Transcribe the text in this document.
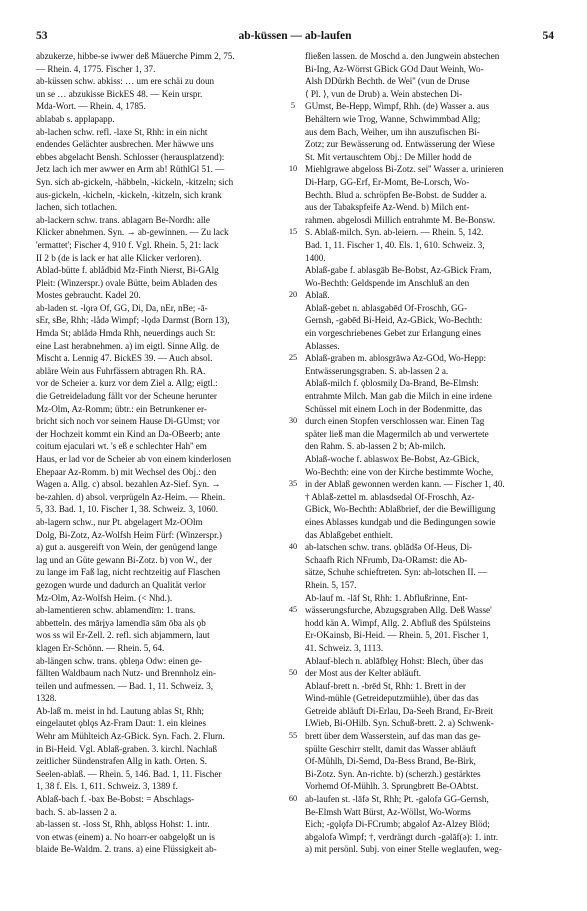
53	ab-küssen — ab-laufen	54
abzukerze, hibbe-se iwwer deß Mäuerche Pimm 2, 75.
— Rhein. 4, 1775. Fischer 1, 37.
ab-küssen schw. abkiss: … um ere schäi zu doun
un se … abzukisse BickES 48. — Kein urspr.
Mda-Wort. — Rhein. 4, 1785.
ablabab s. applapapp.
ab-lachen schw. refl. -laxe St, Rhh: in ein nicht
endendes Gelächter ausbrechen. Mer häwwe uns
ebbes abgelacht Bensh. Schlosser (herausplatzend):
Jetz lach ich mer awwer en Arm ab! RüthlGl 51. —
Syn. sich ab-gickeln, -häbbeln, -kickeln, -kitzeln; sich
aus-gickeln, -kicheln, -kickeln, -kitzeln, sich krank
lachen, sich totlachen.
ab-lackern schw. trans. ablagərn Be-Nordh: alle
Klicker abnehmen. Syn. → ab-gewinnen. — Zu lack
'ermattet'; Fischer 4, 910 f. Vgl. Rhein. 5, 21: lack
II 2 b (de is lack er hat alle Klicker verloren).
Ablad-bütte f. ablådbid Mz-Finth Nierst, Bi-GAlg
Pleit: (Winzerspr.) ovale Bütte, beim Abladen des
Mostes gebraucht. Kadel 20.
ab-laden st. -lǫrə Of, GG, Di, Da, nEr, nBe; -ā-
sEr, sBe, Rhh; -lådə Wimpf; -lǫdə Darmst (Born 13),
Hmda St; ablådə Hmda Rhh, neuerdings auch St:
eine Last herabnehmen. a) im eigtl. Sinne Allg. de
Mischt a. Lennig 47. BickES 39. — Auch absol.
abläre Wein aus Fuhrfässern abtragen Rh. RA.
vor de Scheier a. kurz vor dem Ziel a. Allg; eigtl.:
die Getreideladung fällt vor der Scheune herunter
Mz-Olm, Az-Romm; übtr.: ein Betrunkener er-
bricht sich noch vor seinem Hause Di-GUmst; vor
der Hochzeit kommt ein Kind an Da-OBeerb; ante
coitum ejaculari wt. 's eß e schlechter Hah'' em
Haus, er lad vor de Scheier ab von einem kinderlosen
Ehepaar Az-Romm. b) mit Wechsel des Obj.: den
Wagen a. Allg. c) absol. bezahlen Az-Sief. Syn. →
be-zahlen. d) absol. verprügeln Az-Heim. — Rhein.
5, 33. Bad. 1, 10. Fischer 1, 38. Schweiz. 3, 1060.
ab-lagern schw., nur Pt. abgelagert Mz-OOlm
Dolg, Bi-Zotz, Az-Wolfsh Heim Fürf: (Winzerspr.)
a) gut a. ausgereift von Wein, der genügend lange
lag und an Güte gewann Bi-Zotz. b) von W., der
zu lange im Faß lag, nicht rechtzeitig auf Flaschen
gezogen wurde und dadurch an Qualität verlor
Mz-Olm, Az-Wolfsh Heim. (< Nhd.).
ab-lamentieren schw. ablamendīrn: 1. trans.
abbetteln. des mārįyə lamendīə sām ōba als ǫb
wos ss wil Er-Zell. 2. refl. sich abjammern, laut
klagen Er-Schönn. — Rhein. 5, 64.
ab-längen schw. trans. ǫbleŋə Odw: einen ge-
fällten Waldbaum nach Nutz- und Brennholz ein-
teilen und aufmessen. — Bad. 1, 11. Schweiz. 3,
1328.
Ab-laß m. meist in hd. Lautung ablas St, Rhh;
eingelautet ǫblǫs Az-Fram Daut: 1. ein kleines
Wehr am Mühlteich Az-GBick. Syn. Fach. 2. Flurn.
in Bi-Heid. Vgl. Ablaß-graben. 3. kirchl. Nachlaß
zeitlicher Sündenstrafen Allg in kath. Orten. S.
Seelen-ablaß. — Rhein. 5, 146. Bad. 1, 11. Fischer
1, 38 f. Els. 1, 611. Schweiz. 3, 1389 f.
Ablaß-bach f. -bax Be-Bobst: = Abschlags-
bach. S. ab-lassen 2 a.
ab-lassen st. -loss St, Rhh, ablǫss Hohst: 1. intr.
von etwas (einem) a. No hoarr-er oabgelǫßt un is
blaide Be-Waldm. 2. trans. a) eine Flüssigkeit ab-
5
10
15
20
25
30
35
40
45
50
55
60
fließen lassen. de Moschd a. den Jungwein abstechen
Bi-Ing, Az-Wörrst GBick GOd Daut Weinh, Wo-
Alsh DDürkh Bechth. de Wei'' (vun de Druse
⟨ Pl. ⟩, vun de Drub) a. Wein abstechen Di-
GUmst, Be-Hepp, Wimpf, Rhh. (de) Wasser a. aus
Behältern wie Trog, Wanne, Schwimmbad Allg;
aus dem Bach, Weiher, um ihn auszufischen Bi-
Zotz; zur Bewässerung od. Entwässerung der Wiese
St. Mit vertauschtem Obj.: De Miller hodd de
Miehlgrawe abgeloss Bi-Zotz. sei'' Wasser a. urinieren
Di-Harp, GG-Erf, Er-Momt, Be-Lorsch, Wo-
Bechth. Blud a. schröpfen Be-Bobst. de Sudder a.
aus der Tabakspfeife Az-Wend. b) Milch ent-
rahmen. abgelosdi Millich entrahmte M. Be-Bonsw.
S. Ablaß-milch. Syn. ab-leiern. — Rhein. 5, 142.
Bad. 1, 11. Fischer 1, 40. Els. 1, 610. Schweiz. 3,
1400.
Ablaß-gabe f. ablasgāb Be-Bobst, Az-GBick Fram,
Wo-Bechth: Geldspende im Anschluß an den
Ablaß.
Ablaß-gebet n. ablasgəbēd Of-Froschh, GG-
Gernsh, -gəbēd Bi-Heid, Az-GBick, Wo-Bechth:
ein vorgeschriebenes Gebet zur Erlangung eines
Ablasses.
Ablaß-graben m. ablosgrāwə Az-GOd, Wo-Hepp:
Entwässerungsgraben. S. ab-lassen 2 a.
Ablaß-milch f. ǫblosmilχ Da-Brand, Be-Elmsh:
entrahmte Milch. Man gab die Milch in eine irdene
Schüssel mit einem Loch in der Bodenmitte, das
durch einen Stopfen verschlossen war. Einen Tag
später ließ man die Magermilch ab und verwertete
den Rahm. S. ab-lassen 2 b; Ab-milch.
Ablaß-woche f. ablaswox Be-Bobst, Az-GBick,
Wo-Bechth: eine von der Kirche bestimmte Woche,
in der Ablaß gewonnen werden kann. — Fischer 1, 40.
† Ablaß-zettel m. ablasdsedəl Of-Froschh, Az-
GBick, Wo-Bechth: Ablaßbrief, der die Bewilligung
eines Ablasses kundgab und die Bedingungen sowie
das Ablaßgebet enthielt.
ab-latschen schw. trans. ǫblādšə Of-Heus, Di-
Schaafh Rich NFrumb, Da-ORamst: die Ab-
sätze, Schuhe schieftreten. Syn: ab-lotschen II. —
Rhein. 5, 157.
Ab-lauf m. -lāf St, Rhh: 1. Abflußrinne, Ent-
wässerungsfurche, Abzugsgraben Allg. Deß Wasse'
hodd kän A. Wimpf, Allg. 2. Abfluß des Spülsteins
Er-OKainsb, Bi-Heid. — Rhein. 5, 201. Fischer 1,
41. Schweiz. 3, 1113.
Ablauf-blech n. ablāfblęχ Hohst: Blech, über das
der Most aus der Kelter abläuft.
Ablauf-brett n. -brēd St, Rhh: 1. Brett in der
Wind-mühle (Getreideputzmühle), über das das
Getreide abläuft Di-Erlau, Da-Seeh Brand, Er-Breit
LWieb, Bi-OHilb. Syn. Schuß-brett. 2. a) Schwenk-
brett über dem Wasserstein, auf das man das ge-
spülte Geschirr stellt, damit das Wasser abläuft
Of-Mühlh, Di-Semd, Da-Bess Brand, Be-Birk,
Bi-Zotz. Syn. An-richte. b) (scherzh.) gestärktes
Vorhemd Of-Mühlh. 3. Sprungbrett Be-OAbtst.
ab-laufen st. -lāfə St, Rhh; Pt. -gəlofə GG-Gernsh,
Be-Elmsh Watt Bürst, Az-Wöllst, Wo-Worms
Eich; -gǫlǫfə Di-FCrumb; abgǝlof Az-Alzey Blöd;
abgǝlofə Wimpf; †, verdrängt durch -gǝlāf(ə): 1. intr.
a) mit persönl. Subj. von einer Stelle weglaufen, weg-
